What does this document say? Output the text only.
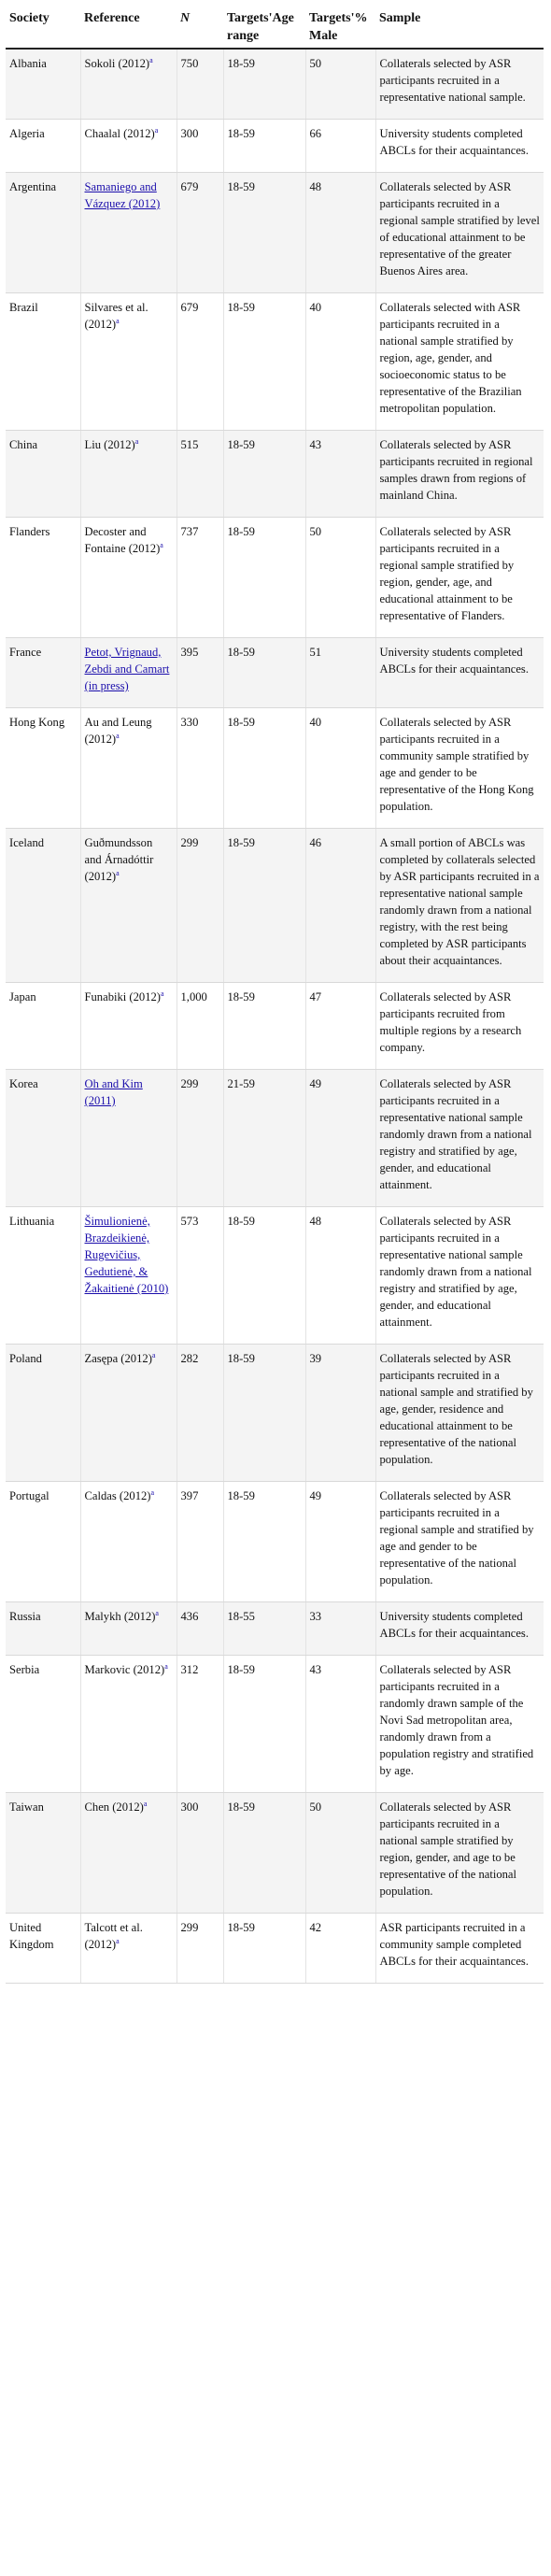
Society	Reference	N	Targets'Age range	Targets'% Male	Sample
Albania	Sokoli (2012)$^a$	750	18-59	50	Collaterals selected by ASR participants recruited in a representative national sample.
Algeria	Chaalal (2012)$^a$	300	18-59	66	University students completed ABCLs for their acquaintances.
Argentina	Samaniego and Vázquez (2012)	679	18-59	48	Collaterals selected by ASR participants recruited in a regional sample stratified by level of educational attainment to be representative of the greater Buenos Aires area.
Brazil	Silvares et al. (2012)$^a$	679	18-59	40	Collaterals selected with ASR participants recruited in a national sample stratified by region, age, gender, and socioeconomic status to be representative of the Brazilian metropolitan population.
China	Liu (2012)$^a$	515	18-59	43	Collaterals selected by ASR participants recruited in regional samples drawn from regions of mainland China.
Flanders	Decoster and Fontaine (2012)$^a$	737	18-59	50	Collaterals selected by ASR participants recruited in a regional sample stratified by region, gender, age, and educational attainment to be representative of Flanders.
France	Petot, Vrignaud, Zebdi and Camart (in press)	395	18-59	51	University students completed ABCLs for their acquaintances.
Hong Kong	Au and Leung (2012)$^a$	330	18-59	40	Collaterals selected by ASR participants recruited in a community sample stratified by age and gender to be representative of the Hong Kong population.
Iceland	Guðmundsson and Árnadóttir (2012)$^a$	299	18-59	46	A small portion of ABCLs was completed by collaterals selected by ASR participants recruited in a representative national sample randomly drawn from a national registry, with the rest being completed by ASR participants about their acquaintances.
Japan	Funabiki (2012)$^a$	1,000	18-59	47	Collaterals selected by ASR participants recruited from multiple regions by a research company.
Korea	Oh and Kim (2011)	299	21-59	49	Collaterals selected by ASR participants recruited in a representative national sample randomly drawn from a national registry and stratified by age, gender, and educational attainment.
Lithuania	Šimulionienė, Brazdeikienė, Rugevičius, Gedutienė, & Žakaitienė (2010)	573	18-59	48	Collaterals selected by ASR participants recruited in a representative national sample randomly drawn from a national registry and stratified by age, gender, and educational attainment.
Poland	Zasępa (2012)$^a$	282	18-59	39	Collaterals selected by ASR participants recruited in a national sample and stratified by age, gender, residence and educational attainment to be representative of the national population.
Portugal	Caldas (2012)$^a$	397	18-59	49	Collaterals selected by ASR participants recruited in a regional sample and stratified by age and gender to be representative of the national population.
Russia	Malykh (2012)$^a$	436	18-55	33	University students completed ABCLs for their acquaintances.
Serbia	Markovic (2012)$^a$	312	18-59	43	Collaterals selected by ASR participants recruited in a randomly drawn sample of the Novi Sad metropolitan area, randomly drawn from a population registry and stratified by age.
Taiwan	Chen (2012)$^a$	300	18-59	50	Collaterals selected by ASR participants recruited in a national sample stratified by region, gender, and age to be representative of the national population.
United Kingdom	Talcott et al. (2012)$^a$	299	18-59	42	ASR participants recruited in a community sample completed ABCLs for their acquaintances.
